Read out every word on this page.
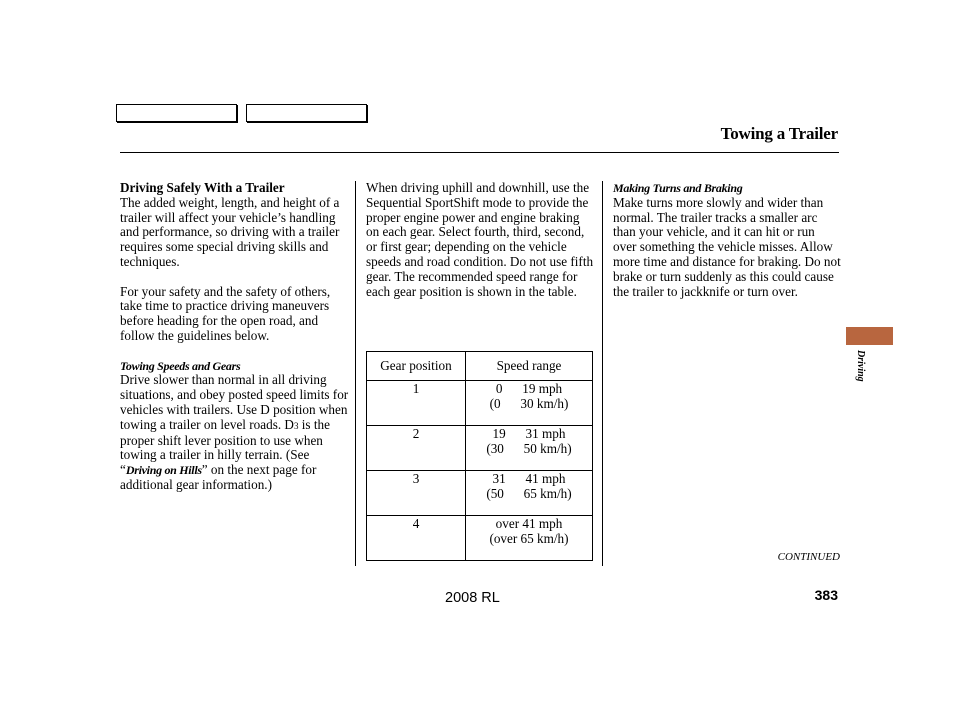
Towing a Trailer

Driving Safely With a Trailer

The added weight, length, and height of a trailer will affect your vehicle’s handling and performance, so driving with a trailer requires some special driving skills and techniques.

For your safety and the safety of others, take time to practice driving maneuvers before heading for the open road, and follow the guidelines below.

Towing Speeds and Gears

Drive slower than normal in all driving situations, and obey posted speed limits for vehicles with trailers. Use D position when towing a trailer on level roads. D3 is the proper shift lever position to use when towing a trailer in hilly terrain. (See “Driving on Hills” on the next page for additional gear information.)

When driving uphill and downhill, use the Sequential SportShift mode to provide the proper engine power and engine braking on each gear. Select fourth, third, second, or first gear; depending on the vehicle speeds and road condition. Do not use fifth gear. The recommended speed range for each gear position is shown in the table.

Gear position	Speed range
1	0      19 mph
(0      30 km/h)

2	19      31 mph
(30      50 km/h)

3	31      41 mph
(50      65 km/h)

4	over 41 mph
(over 65 km/h)

Making Turns and Braking

Make turns more slowly and wider than normal. The trailer tracks a smaller arc than your vehicle, and it can hit or run over something the vehicle misses. Allow more time and distance for braking. Do not brake or turn suddenly as this could cause the trailer to jackknife or turn over.

Driving
CONTINUED
2008 RL	383
